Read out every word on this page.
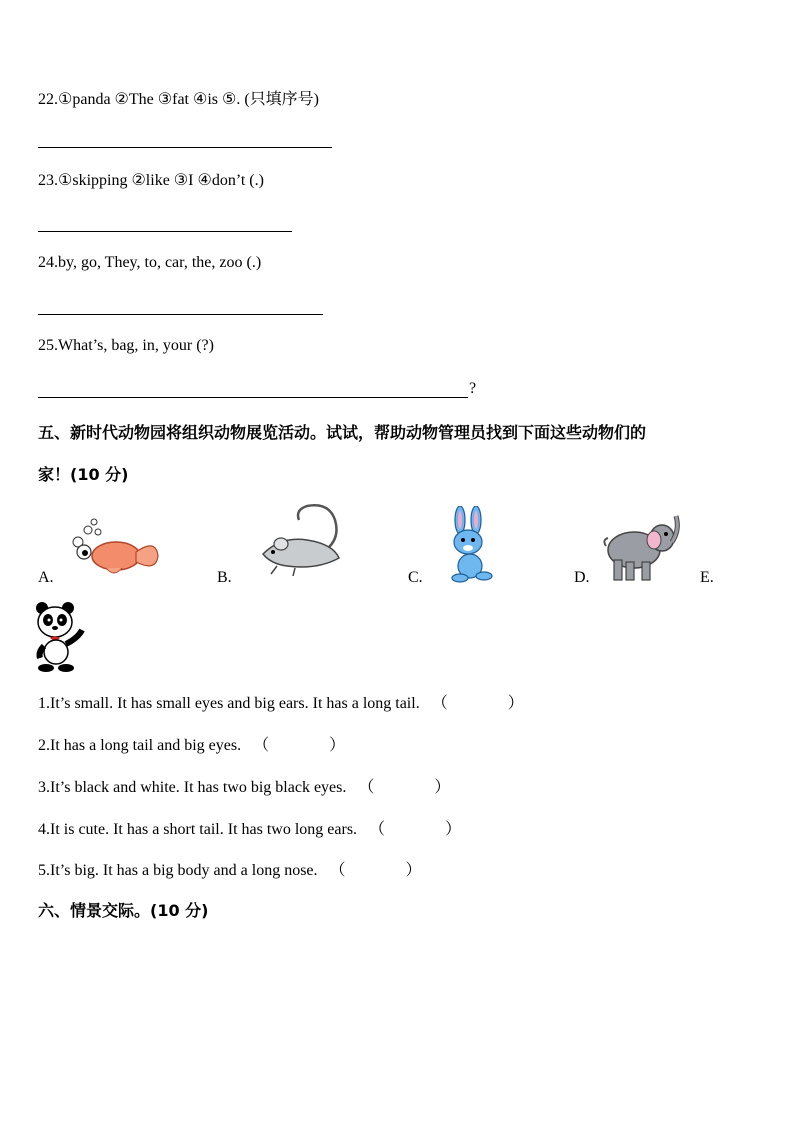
22.①panda ②The ③fat ④is ⑤. (只填序号)
23.①skipping ②like ③I ④don’t (.)
24.by, go, They, to, car, the, zoo (.)
25.What’s, bag, in, your (?)
?
五、新时代动物园将组织动物展览活动。试试，帮助动物管理员找到下面这些动物们的
家！(10 分)
A.	B.	C.	D.	E.
1.It’s small. It has small eyes and big ears. It has a long tail. （	）
2.It has a long tail and big eyes. （	）
3.It’s black and white. It has two big black eyes. （	）
4.It is cute. It has a short tail. It has two long ears. （	）
5.It’s big. It has a big body and a long nose. （	）
六、情景交际。(10 分)
